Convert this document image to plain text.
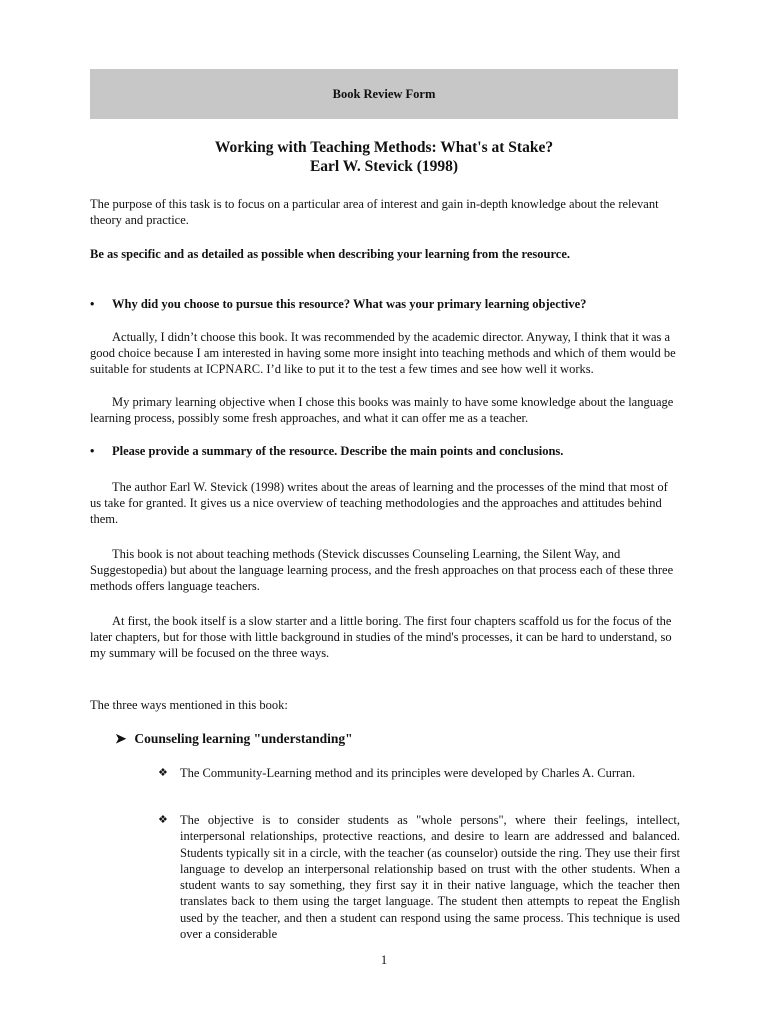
Book Review Form
Working with Teaching Methods: What's at Stake?
Earl W. Stevick (1998)
The purpose of this task is to focus on a particular area of interest and gain in-depth knowledge about the relevant theory and practice.
Be as specific and as detailed as possible when describing your learning from the resource.
•	Why did you choose to pursue this resource? What was your primary learning objective?
Actually, I didn’t choose this book. It was recommended by the academic director. Anyway, I think that it was a good choice because I am interested in having some more insight into teaching methods and which of them would be suitable for students at ICPNARC. I’d like to put it to the test a few times and see how well it works.
My primary learning objective when I chose this books was mainly to have some knowledge about the language learning process, possibly some fresh approaches, and what it can offer me as a teacher.
•	Please provide a summary of the resource. Describe the main points and conclusions.
The author Earl W. Stevick (1998) writes about the areas of learning and the processes of the mind that most of us take for granted. It gives us a nice overview of teaching methodologies and the approaches and attitudes behind them.
This book is not about teaching methods (Stevick discusses Counseling Learning, the Silent Way, and Suggestopedia) but about the language learning process, and the fresh approaches on that process each of these three methods offers language teachers.
At first, the book itself is a slow starter and a little boring. The first four chapters scaffold us for the focus of the later chapters, but for those with little background in studies of the mind's processes, it can be hard to understand, so my summary will be focused on the three ways.
The three ways mentioned in this book:
➤ Counseling learning "understanding"
❖ The Community-Learning method and its principles were developed by Charles A. Curran.
❖ The objective is to consider students as "whole persons", where their feelings, intellect, interpersonal relationships, protective reactions, and desire to learn are addressed and balanced. Students typically sit in a circle, with the teacher (as counselor) outside the ring. They use their first language to develop an interpersonal relationship based on trust with the other students. When a student wants to say something, they first say it in their native language, which the teacher then translates back to them using the target language. The student then attempts to repeat the English used by the teacher, and then a student can respond using the same process. This technique is used over a considerable
1
